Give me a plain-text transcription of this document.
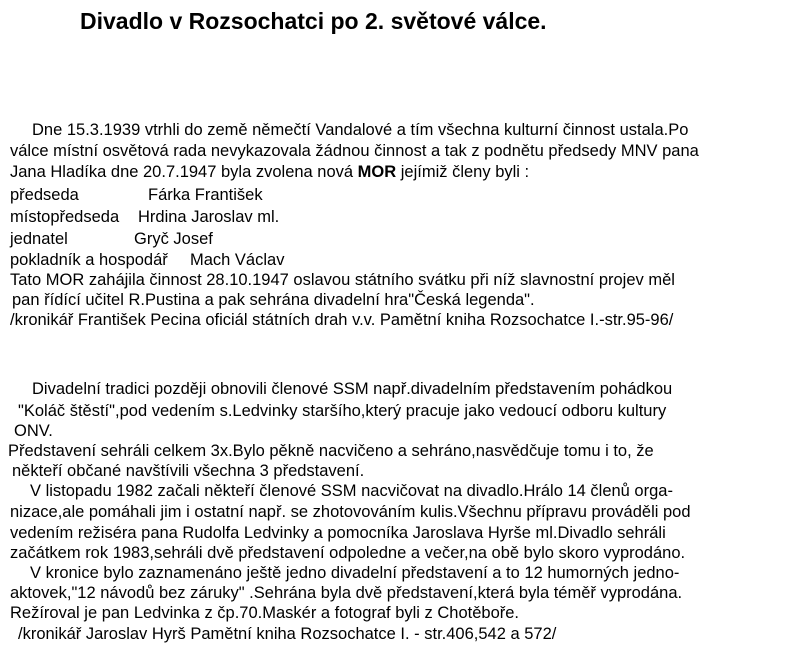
Divadlo v Rozsochatci po 2. světové válce.
Dne 15.3.1939 vtrhli do země němečtí Vandalové a tím všechna kulturní činnost ustala.Po
válce místní osvětová rada nevykazovala žádnou činnost a tak z podnětu předsedy MNV pana
Jana Hladíka dne 20.7.1947 byla zvolena nová MOR jejímiž členy byli :
předseda	Fárka František
místopředseda Hrdina Jaroslav ml.
jednatel	Gryč Josef
pokladník a hospodář Mach Václav
Tato MOR zahájila činnost 28.10.1947 oslavou státního svátku při níž slavnostní projev měl
pan řídící učitel R.Pustina a pak sehrána divadelní hra"Česká legenda".
/kronikář František Pecina oficiál státních drah v.v. Pamětní kniha Rozsochatce I.-str.95-96/
Divadelní tradici později obnovili členové SSM např.divadelním představením pohádkou
"Koláč štěstí",pod vedením s.Ledvinky staršího,který pracuje jako vedoucí odboru kultury
ONV.
Představení sehráli celkem 3x.Bylo pěkně nacvičeno a sehráno,nasvědčuje tomu i to, že
někteří občané navštívili všechna 3 představení.
V listopadu 1982 začali někteří členové SSM nacvičovat na divadlo.Hrálo 14 členů orga-
nizace,ale pomáhali jim i ostatní např. se zhotovováním kulis.Všechnu přípravu prováděli pod
vedením režiséra pana Rudolfa Ledvinky a pomocníka Jaroslava Hyrše ml.Divadlo sehráli
začátkem rok 1983,sehráli dvě představení odpoledne a večer,na obě bylo skoro vyprodáno.
V kronice bylo zaznamenáno ještě jedno divadelní představení a to 12 humorných jedno-
aktovek,"12 návodů bez záruky" .Sehrána byla dvě představení,která byla téměř vyprodána.
Režíroval je pan Ledvinka z čp.70.Maskér a fotograf byli z Chotěboře.
/kronikář Jaroslav Hyrš Pamětní kniha Rozsochatce I. - str.406,542 a 572/
